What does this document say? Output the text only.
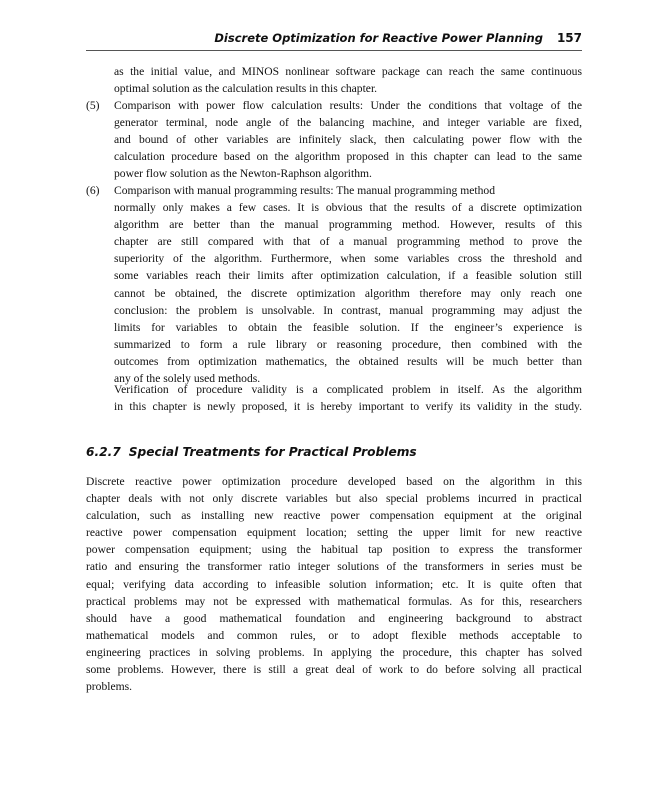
Discrete Optimization for Reactive Power Planning 157
as the initial value, and MINOS nonlinear software package can reach the same continuous
optimal solution as the calculation results in this chapter.
(5)	Comparison with power flow calculation results: Under the conditions that voltage of the
generator terminal, node angle of the balancing machine, and integer variable are fixed,
and bound of other variables are infinitely slack, then calculating power flow with the
calculation procedure based on the algorithm proposed in this chapter can lead to the same
power flow solution as the Newton-Raphson algorithm.
(6)	Comparison with manual programming results: The manual programming method
normally only makes a few cases. It is obvious that the results of a discrete optimization
algorithm are better than the manual programming method. However, results of this
chapter are still compared with that of a manual programming method to prove the
superiority of the algorithm. Furthermore, when some variables cross the threshold and
some variables reach their limits after optimization calculation, if a feasible solution still
cannot be obtained, the discrete optimization algorithm therefore may only reach one
conclusion: the problem is unsolvable. In contrast, manual programming may adjust the
limits for variables to obtain the feasible solution. If the engineer’s experience is
summarized to form a rule library or reasoning procedure, then combined with the
outcomes from optimization mathematics, the obtained results will be much better than
any of the solely used methods.
Verification of procedure validity is a complicated problem in itself. As the algorithm
in this chapter is newly proposed, it is hereby important to verify its validity in the study.
6.2.7 Special Treatments for Practical Problems
Discrete reactive power optimization procedure developed based on the algorithm in this
chapter deals with not only discrete variables but also special problems incurred in practical
calculation, such as installing new reactive power compensation equipment at the original
reactive power compensation equipment location; setting the upper limit for new reactive
power compensation equipment; using the habitual tap position to express the transformer
ratio and ensuring the transformer ratio integer solutions of the transformers in series must be
equal; verifying data according to infeasible solution information; etc. It is quite often that
practical problems may not be expressed with mathematical formulas. As for this, researchers
should have a good mathematical foundation and engineering background to abstract
mathematical models and common rules, or to adopt flexible methods acceptable to
engineering practices in solving problems. In applying the procedure, this chapter has solved
some problems. However, there is still a great deal of work to do before solving all practical
problems.
